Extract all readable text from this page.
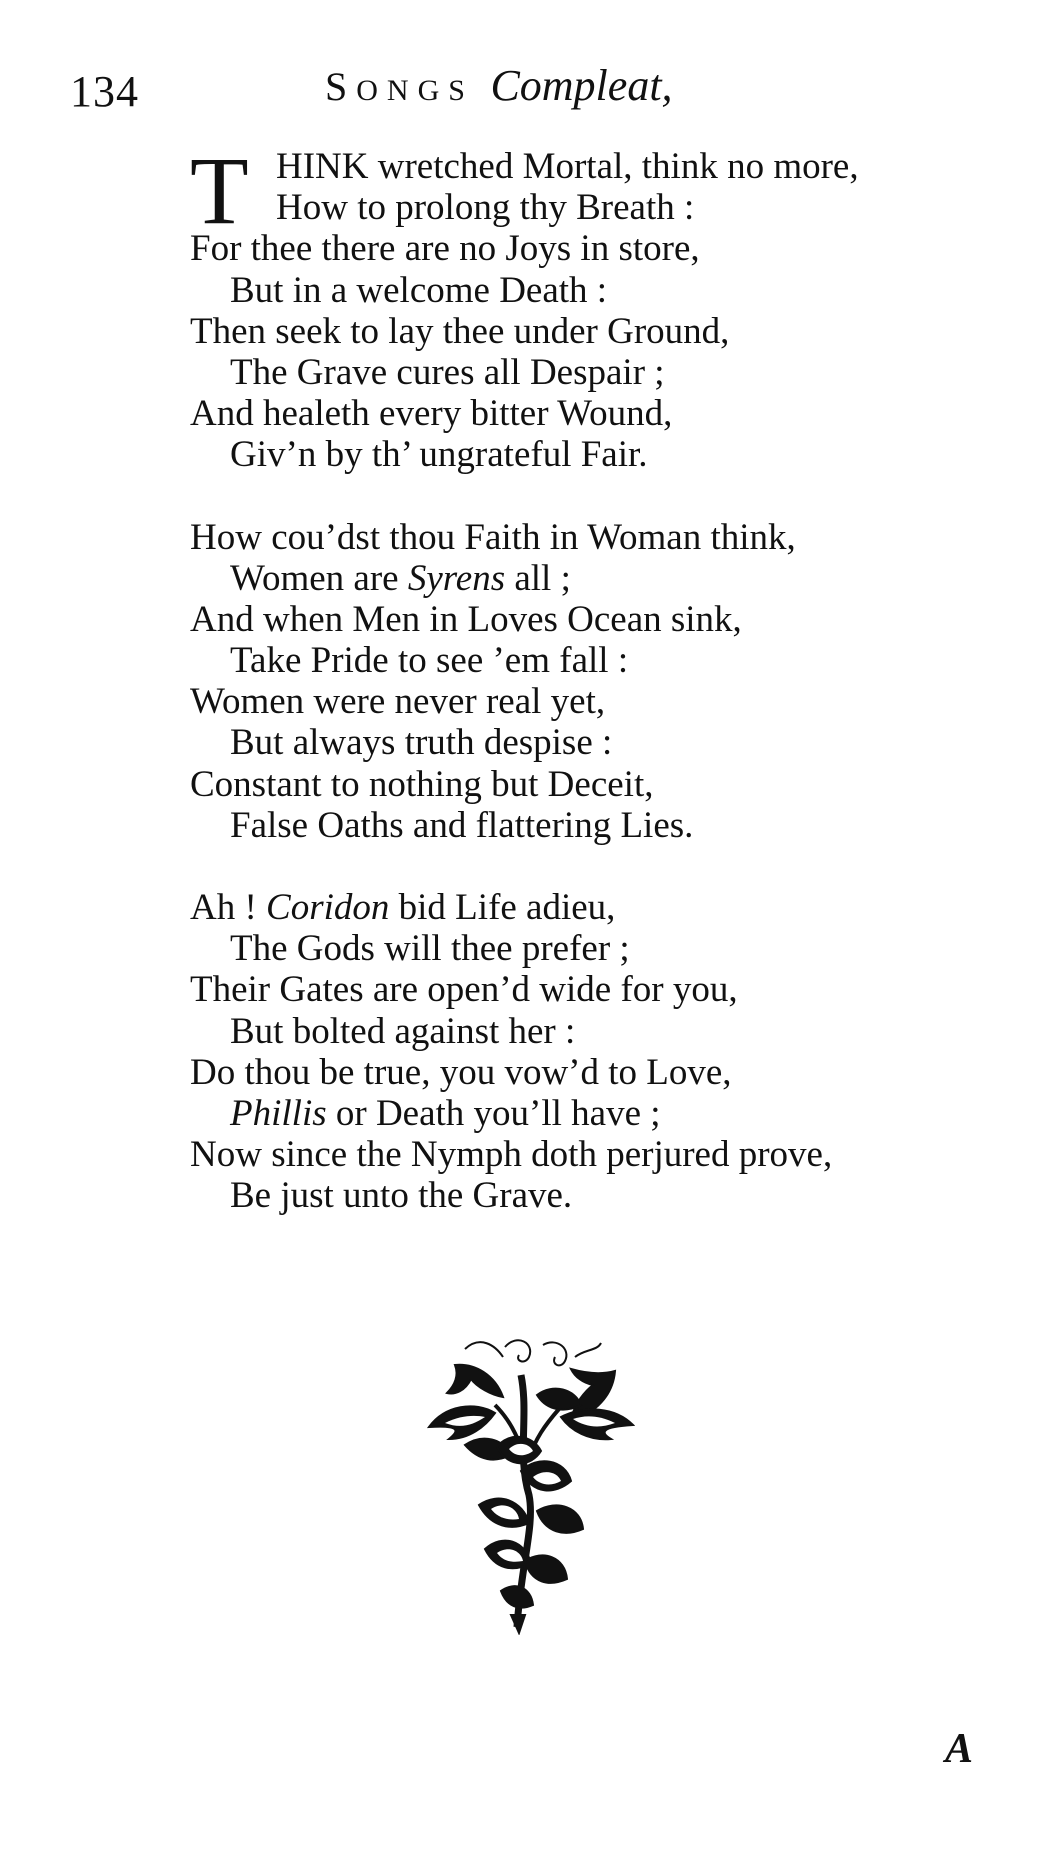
134	SONGS Compleat,
T HINK wretched Mortal, think no more,
How to prolong thy Breath :
For thee there are no Joys in store,
But in a welcome Death :
Then seek to lay thee under Ground,
The Grave cures all Despair ;
And healeth every bitter Wound,
Giv’n by th’ ungrateful Fair.
How cou’dst thou Faith in Woman think,
Women are Syrens all ;
And when Men in Loves Ocean sink,
Take Pride to see ’em fall :
Women were never real yet,
But always truth despise :
Constant to nothing but Deceit,
False Oaths and flattering Lies.
Ah ! Coridon bid Life adieu,
The Gods will thee prefer ;
Their Gates are open’d wide for you,
But bolted against her :
Do thou be true, you vow’d to Love,
Phillis or Death you’ll have ;
Now since the Nymph doth perjured prove,
Be just unto the Grave.
A
